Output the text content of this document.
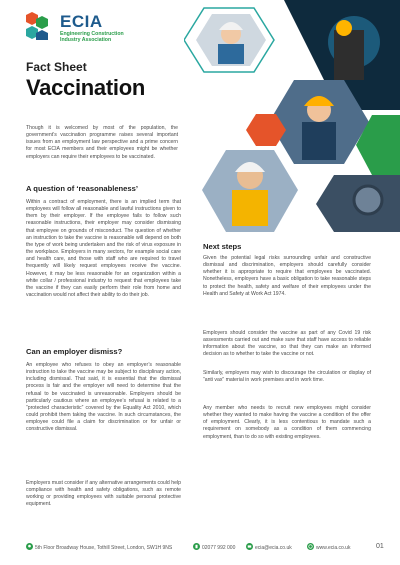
ECIA
Engineering Construction
Industry Association
Fact Sheet
Vaccination

Though it is welcomed by most of the population, the government’s vaccination programme raises several important issues from an employment law perspective and a prime concern for most ECIA members and their employees might be whether employers can require their employees to be vaccinated.

A question of ‘reasonableness’

Within a contract of employment, there is an implied term that employees will follow all reasonable and lawful instructions given to them by their employer. If the employee fails to follow such reasonable instructions, their employer may consider dismissing that employee on grounds of misconduct. The question of whether an instruction to take the vaccine is reasonable will depend on both the type of work being undertaken and the risk of virus exposure in the workplace. Employers in many sectors, for example social care and health care, and those with staff who are required to travel frequently will likely request employees receive the vaccine. However, it may be less reasonable for an organization within a white collar / professional industry to request that employees take the vaccine if they can easily perform their role from home and vaccination would not affect their ability to do their job.

Can an employer dismiss?

An employee who refuses to obey an employer’s reasonable instruction to take the vaccine may be subject to disciplinary action, including dismissal. That said, it is essential that the dismissal process is fair and the employer will need to determine that the refusal to be vaccinated is unreasonable. Employers should be particularly cautious where an employee’s refusal is related to a “protected characteristic” covered by the Equality Act 2010, which could prohibit them taking the vaccine. In such circumstances, the employee could file a claim for discrimination or for unfair or constructive dismissal.

Employers must consider if any alternative arrangements could help compliance with health and safety obligations, such as remote working or providing employees with suitable personal protective equipment.

Next steps

Given the potential legal risks surrounding unfair and constructive dismissal and discrimination, employers should carefully consider whether it is appropriate to require that employees be vaccinated. Nonetheless, employers have a basic obligation to take reasonable steps to protect the health, safety and welfare of their employees under the Health and Safety at Work Act 1974.

Employers should consider the vaccine as part of any Covid 19 risk assessments carried out and make sure that staff have access to reliable information about the vaccine, so that they can make an informed decision as to whether to take the vaccine or not.

Similarly, employers may wish to discourage the circulation or display of “anti vax” material in work premises and in work time.

Any member who needs to recruit new employees might consider whether they wanted to make having the vaccine a condition of the offer of employment. Clearly, it is less contentious to mandate such a requirement on somebody as a condition of them commencing employment, than to do so with existing employees.

5th Floor Broadway House, Tothill Street, London, SW1H 9NS	02077 992 000	ecia@ecia.co.uk	www.ecia.co.uk	01
